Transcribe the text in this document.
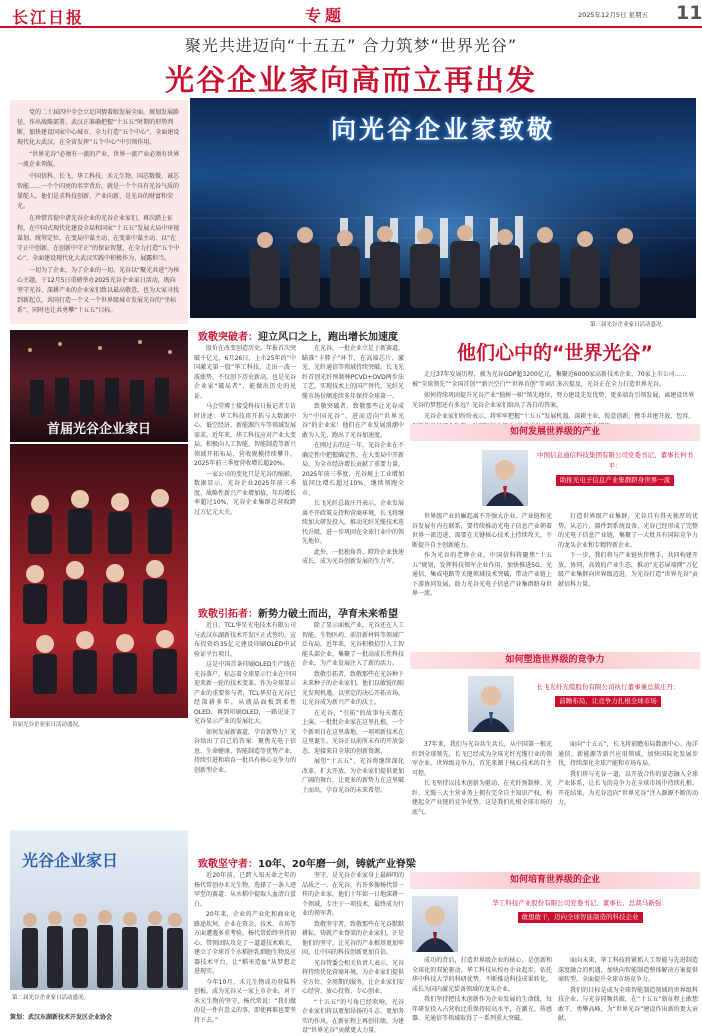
长江日报	专题	2025年12月5日 星期五 11
聚光共进迈向“十五五” 合力筑梦“世界光谷”
光谷企业家向高而立再出发

党的二十届四中全会立足国情着眼发展全面，规划发展路径，作出战略部署。武汉正准确把握“十五五”时期的形势判断，加快建设国家中心城市、全力打造“五个中心”、全面建设现代化大武汉，在全省发挥“五个中心”中引领作用。

“世界光谷”必须有一流的产业，世界一流产业必须有世界一流企业领航。

中国信科、长飞、华工科技、禾元生物、国芯数微、诚芯智能……一个个闪亮的名字背后，就是一个个具有光谷气质的掌舵人。他们是求科技创新、产业向新、是光谷的财富和荣光。

在珍惜首提中诸光谷企业的光谷企业家们，再次踏上征程，在中国式现代化建设全局和国家“十五五”发展大局中审视谋划、统筹定位，在变局中谋主动、在变革中谋主动、以“在守正中创新，在创新中守正”的保证智慧，在全力打造“五个中心”、全面建设现代化大武汉实践中积极作为、展露担当。

一切为了企业，为了企业的一切。光谷以“聚光共进”为核心主题，于12月5日重磅举办2025光谷企业家日活动，既向坚守光谷、深耕产业的企业家们致以最高敬意，也为大家寻找到新起点，共同打造一个又一个世界级城市发展光谷的“坐标系”，同时也让共勇攀“十五五”目标。

向光谷企业家致敬
第三届光谷企业家日活动盛况。
首届光谷企业家日
首届光谷企业家日活动盛况。
光谷企业家日
第二届光谷企业家日活动盛况。
致敬突破者：迎立风口之上，跑出增长加速度

股价在改变创造历史。年报首次突破千亿元，6月26日，上市25年的“中国激光第一股”华工科技，走出一波一波涨势，不仅创下历史新高，也是光谷企业家“破局者”，能做出历史的见证。

马会堂博士接受科技日报记者专访时讲述：华工科技将开拓与大数据中心、低空经济、新能源汽车等领域发展需求。近年来，华工科技应对产业大变局，积极向人工智能、智能制造等新兴领域开拓布局，营收规模持续攀升，2025年前三季度营收增长超20%。

一家公司的变化只是光谷的缩影。数据显示，光谷企业2025年前三季度，战略性新兴产业增加值，年均增长率超过10%，光谷企业集群总营收跨过万亿元大关。

在光谷，一批企业立足于新赛道，瞄准“卡脖子”环节，在高端芯片、激光、光纤通信等领域持续突破。长飞光纤首创光纤预制棒PCVD+OVD两步法工艺，实现技术上的国产替代，光纤光缆市场份额连续多年保持全球第一。

致敬突破者，致敬那些让光谷成为“中国光谷”，进而迈向“世界光谷”的企业家！他们在产业发展浪潮中敢为人先、跑出了光谷加速度。

在刚过去的这一年，光谷企业在不确定性中把握确定性，在大变局中开新局，为全市经济增长贡献了重要力量。2025年前三季度，光谷规上工业增加值同比增长超过10%，继续领跑全市。

长飞光纤总裁庄丹表示，企业发展离不开政策支持和营商环境，长飞将继续加大研发投入，推动光纤光缆技术迭代升级，进一步巩固在全球行业中的领先地位。

此外，一批独角兽、瞪羚企业快速成长，成为光谷创新发展的生力军。

致敬引拓者：新势力破土而出，孕育未来希望

近日，TCL华星光电技术有限公司与武汉东湖新技术开发区正式签约，宣布投资约35亿元建设印刷OLED中试验证平台项目。

这是中国首条印刷OLED生产线在光谷落户，标志着全球显示行业在中国迎来新一轮的技术变革。作为全球显示产业的重要参与者，TCL华星在光谷已经深耕多年，从液晶面板到柔性OLED，再到印刷OLED，一路见证了光谷显示产业的发展壮大。

如何发展新赛道，孕育新势力？光谷给出了自己的答案：聚焦光电子信息、生命健康、智能制造等优势产业，持续引进和培育一批具有核心竞争力的创新型企业。

除了显示面板产业，光谷还在人工智能、生物医药、前沿新材料等领域广泛布局。近年来，光谷积极招引人工智能头部企业，集聚了一批高成长性科技企业，为产业发展注入了新的活力。

致敬引拓者，致敬那些在光谷种下未来种子的企业家们。他们以敏锐的眼光发现机遇，以坚定的决心开拓市场，让光谷成为新兴产业的沃土。

在光谷，“引拓”的故事每天都在上演。一批批企业家在这里扎根，一个个新项目在这里落地，一项项新技术在这里诞生。光谷正以前所未有的开放姿态，迎接来自全球的创新资源。

展望“十五五”，光谷将继续深化改革、扩大开放，为企业家们提供更加广阔的舞台，让更多的新势力在这里破土而出，孕育光谷的未来希望。

致敬坚守者：10年、20年磨一剑，铸就产业脊梁

近20年前，已跨入知天命之年的杨代常创办禾元生物，选择了一条人迹罕至的赛道：从水稻中提取人血清白蛋白。

20年来，企业的产业化和商业化路途坎坷，企业在资金、技术、市场等方面遭遇多重考验。杨代常始终坚持初心，带领团队攻克了一道道技术难关，建立了全球首个水稻胚乳细胞生物反应器技术平台，让“稻米造血”从梦想走进现实。

今年10月，禾元生物成功登陆科创板，成为光谷又一家上市企业。对于禾元生物的坚守，杨代常说：“我们做的是一件有意义的事，即使再难也要坚持下去。”

坚守，是光谷企业家身上最鲜明的品质之一。在光谷，有许多像杨代常一样的企业家，他们十年如一日地深耕一个领域，专注于一项技术，最终成为行业的领军者。

致敬坚守者，致敬那些在光谷默默耕耘、铸就产业脊梁的企业家们。正是他们的坚守，让光谷的产业根基更加牢固，让中国的科技创新更加自信。

光谷管委会相关负责人表示，光谷将持续优化营商环境，为企业家们提供全方位、全周期的服务，让企业家们安心经营、放心投资、专心创业。

“十五五”的号角已经吹响，光谷企业家们将以更加昂扬的斗志、更加务实的作风，在新征程上再创佳绩，为建设“世界光谷”贡献更大力量。

他们心中的“世界光谷”

走过37年发展历程，被为光谷GDP超3200亿元，集聚近6000家高新技术企业，70家上市公司……被“全球领先”“全国首创”“新兴空白”“世界首创”等词汇多次提及，光谷正在全力打造世界光谷。

如何持续巩固提升光谷产业“独树一帜”领先地位，努力建设先发优势，更多端育引领发展，离建设世界光谷的梦想还有多远？光谷企业家们给出了各自的答案。

光谷企业家们纷纷表示，将牢牢把握“十五五”发展机遇，深耕主业、锐意创新，携手共建开放、包容、

如何发展世界级的产业
中国信息通信科技集团有限公司党委书记、董事长何书平：
助推光电子信息产业集群跻身世界一流

世界级产业的崛起离不开强大企业。产业链和光谷发展有内在联系，要持续推动光电子信息产业朝着世界一流迈进，需要在关键核心技术上持续攻关，不断提升自主创新能力。

作为光谷的老牌企业，中国信科将聚焦“十五五”规划，发挥科技领军企业作用，加快推进5G、光通信、集成电路等关键领域技术突破，带动产业链上下游协同发展，助力光谷光电子信息产业集群跻身世界一流。

打造世界级产业集群，光谷具有得天独厚的优势。从芯片、器件到系统设备，光谷已经形成了完整的光电子信息产业链，集聚了一大批具有国际竞争力的龙头企业和专精特新企业。

下一步，我们将与产业链伙伴携手，共同构建开放、协同、高效的产业生态，推动“光芯屏端网”万亿级产业集群向世界级迈进，为光谷打造“世界光谷”贡献信科力量。

如何塑造世界级的竞争力
长飞光纤光缆股份有限公司执行董事兼总裁庄丹：
前瞻布局，让竞争力扎根全球市场

37年来，我们与光谷共生共长，从中国第一根光纤到全球领先，长飞已经成为全球光纤光缆行业的领军企业。世界级竞争力，首先来源于核心技术的自主可控。

长飞坚持以技术创新为驱动，在光纤预制棒、光纤、光缆三大主营业务上拥有完全自主知识产权，构建起全产业链的竞争优势，这是我们扎根全球市场的底气。

面向“十五五”，长飞将前瞻布局数据中心、海洋通信、新能源等新兴应用领域，加快国际化发展步伐，持续深化全球产能和市场布局。

我们将与光谷一道，以开放合作的姿态融入全球产业体系，让长飞的竞争力在全球市场中持续扎根、开花结果，为光谷迈向“世界光谷”注入源源不断的动力。

如何培育世界级的企业
华工科技产业股份有限公司党委书记、董事长、总裁马新强：
敢想敢干，迈向全球智能制造的科技企业

成功的背后，打造世界级企业的核心，是创新和全球化的双轮驱动。华工科技从校办企业起步，依托华中科技大学的科研优势，不断推动科技成果转化，成长为国内激光装备领域的龙头企业。

我们坚持把技术创新作为企业发展的生命线，每年研发投入占营收比重保持较高水平，在激光、传感器、光通信等领域取得了一系列重大突破。

面向未来，华工科技将紧抓人工智能与先进制造深度融合的机遇，加快向智能制造整体解决方案提供商转型，全面提升全球市场竞争力。

我们的目标是成为全球智能制造领域的世界级科技企业，与光谷同频共振，在“十五五”新征程上敢想敢干、勇攀高峰，为“世界光谷”建设作出新的更大贡献。

策划：武汉东湖新技术开发区企业协会
